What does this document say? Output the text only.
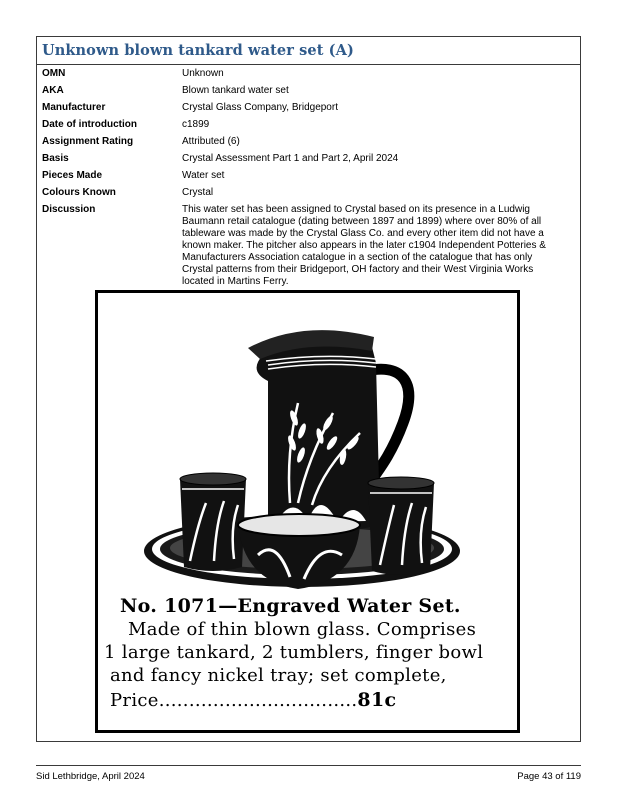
Unknown blown tankard water set (A)
OMN	Unknown
AKA	Blown tankard water set
Manufacturer	Crystal Glass Company, Bridgeport
Date of introduction	c1899
Assignment Rating	Attributed (6)
Basis	Crystal Assessment Part 1 and Part 2, April 2024
Pieces Made	Water set
Colours Known	Crystal
Discussion	This water set has been assigned to Crystal based on its presence in a Ludwig
Baumann retail catalogue (dating between 1897 and 1899) where over 80% of all
tableware was made by the Crystal Glass Co. and every other item did not have a
known maker. The pitcher also appears in the later c1904 Independent Potteries &
Manufacturers Association catalogue in a section of the catalogue that has only
Crystal patterns from their Bridgeport, OH factory and their West Virginia Works
located in Martins Ferry.
No. 1071—Engraved Water Set.
Made of thin blown glass. Comprises
1 large tankard, 2 tumblers, finger bowl
and fancy nickel tray; set complete,
Price.................................81c
Sid Lethbridge, April 2024	Page 43 of 119
